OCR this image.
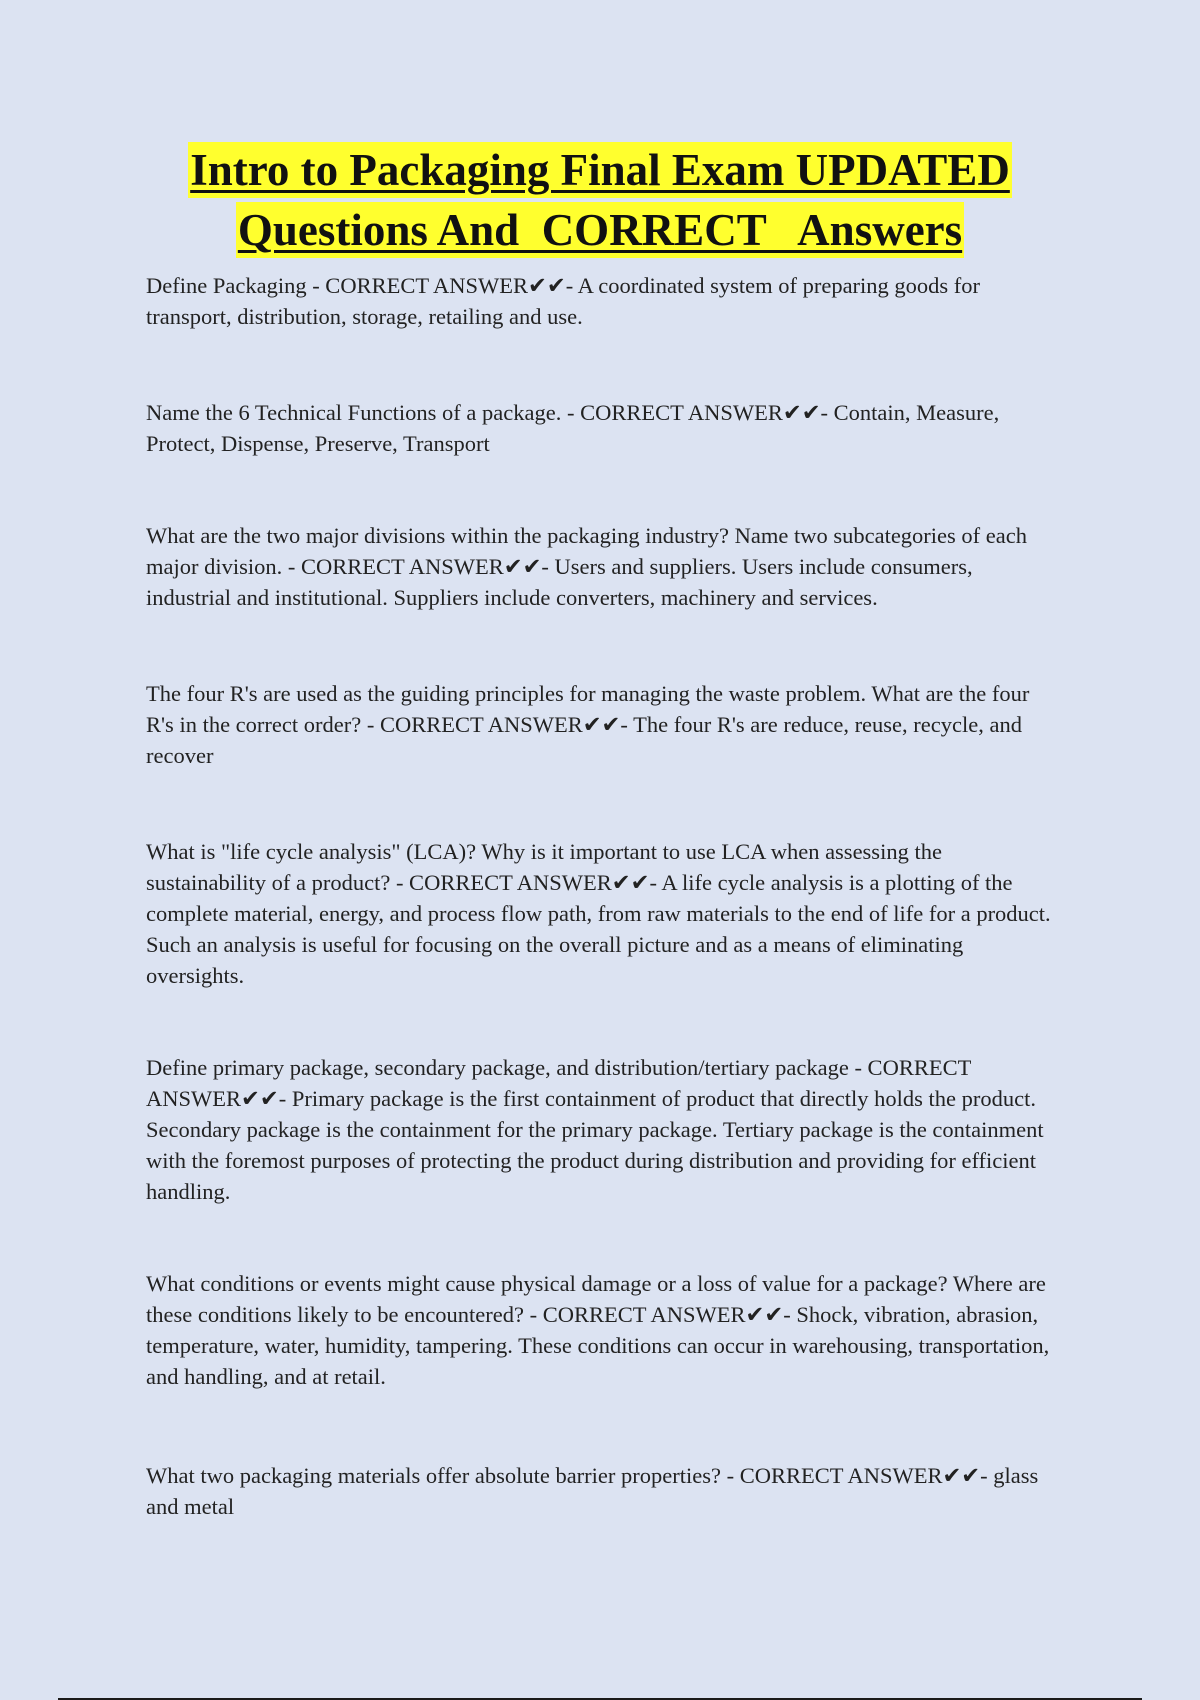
Intro to Packaging Final Exam UPDATED
Questions And  CORRECT   Answers

Define Packaging - CORRECT ANSWER✔✔- A coordinated system of preparing goods for transport, distribution, storage, retailing and use.

Name the 6 Technical Functions of a package. - CORRECT ANSWER✔✔- Contain, Measure, Protect, Dispense, Preserve, Transport

What are the two major divisions within the packaging industry? Name two subcategories of each major division. - CORRECT ANSWER✔✔- Users and suppliers. Users include consumers, industrial and institutional. Suppliers include converters, machinery and services.

The four R's are used as the guiding principles for managing the waste problem. What are the four R's in the correct order? - CORRECT ANSWER✔✔- The four R's are reduce, reuse, recycle, and recover

What is "life cycle analysis" (LCA)? Why is it important to use LCA when assessing the sustainability of a product? - CORRECT ANSWER✔✔- A life cycle analysis is a plotting of the complete material, energy, and process flow path, from raw materials to the end of life for a product. Such an analysis is useful for focusing on the overall picture and as a means of eliminating oversights.

Define primary package, secondary package, and distribution/tertiary package - CORRECT ANSWER✔✔- Primary package is the first containment of product that directly holds the product. Secondary package is the containment for the primary package. Tertiary package is the containment with the foremost purposes of protecting the product during distribution and providing for efficient handling.

What conditions or events might cause physical damage or a loss of value for a package? Where are these conditions likely to be encountered? - CORRECT ANSWER✔✔- Shock, vibration, abrasion, temperature, water, humidity, tampering. These conditions can occur in warehousing, transportation, and handling, and at retail.

What two packaging materials offer absolute barrier properties? - CORRECT ANSWER✔✔- glass and metal
